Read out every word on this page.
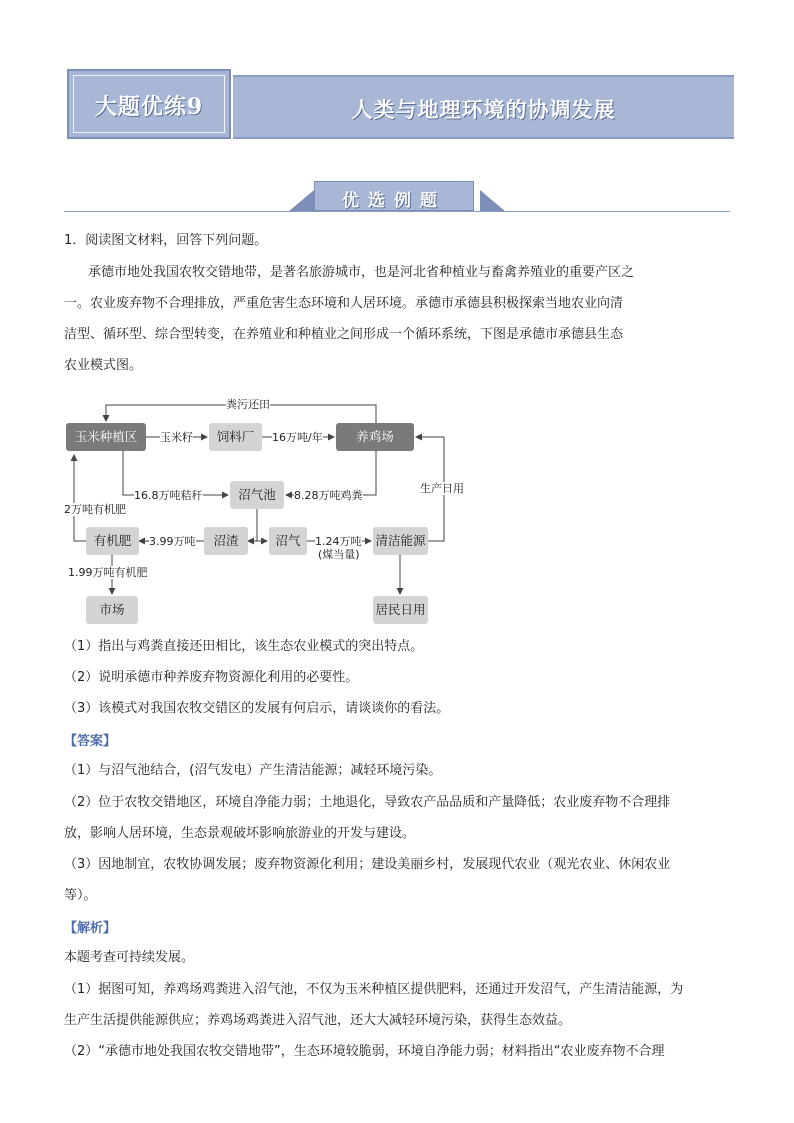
大题优练9	人类与地理环境的协调发展
优选例题
1．阅读图文材料，回答下列问题。
承德市地处我国农牧交错地带，是著名旅游城市，也是河北省种植业与畜禽养殖业的重要产区之
一。农业废弃物不合理排放，严重危害生态环境和人居环境。承德市承德县积极探索当地农业向清
洁型、循环型、综合型转变，在养殖业和种植业之间形成一个循环系统，下图是承德市承德县生态
农业模式图。
玉米种植区	饲料厂	养鸡场
沼气池
有机肥	沼渣	沼气	清洁能源
市场	居民日用
粪污还田
玉米籽	16万吨/年
16.8万吨秸秆	8.28万吨鸡粪
2万吨有机肥
3.99万吨	1.24万吨
(煤当量)
生产日用
1.99万吨有机肥
（1）指出与鸡粪直接还田相比，该生态农业模式的突出特点。
（2）说明承德市种养废弃物资源化利用的必要性。
（3）该模式对我国农牧交错区的发展有何启示，请谈谈你的看法。
【答案】
（1）与沼气池结合，(沼气发电）产生清洁能源；减轻环境污染。
（2）位于农牧交错地区，环境自净能力弱；土地退化，导致农产品品质和产量降低；农业废弃物不合理排
放，影响人居环境，生态景观破坏影响旅游业的开发与建设。
（3）因地制宜，农牧协调发展；废弃物资源化利用；建设美丽乡村，发展现代农业（观光农业、休闲农业
等）。
【解析】
本题考查可持续发展。
（1）据图可知，养鸡场鸡粪进入沼气池，不仅为玉米种植区提供肥料，还通过开发沼气，产生清洁能源，为
生产生活提供能源供应；养鸡场鸡粪进入沼气池，还大大减轻环境污染，获得生态效益。
（2）“承德市地处我国农牧交错地带”，生态环境较脆弱，环境自净能力弱；材料指出“农业废弃物不合理
